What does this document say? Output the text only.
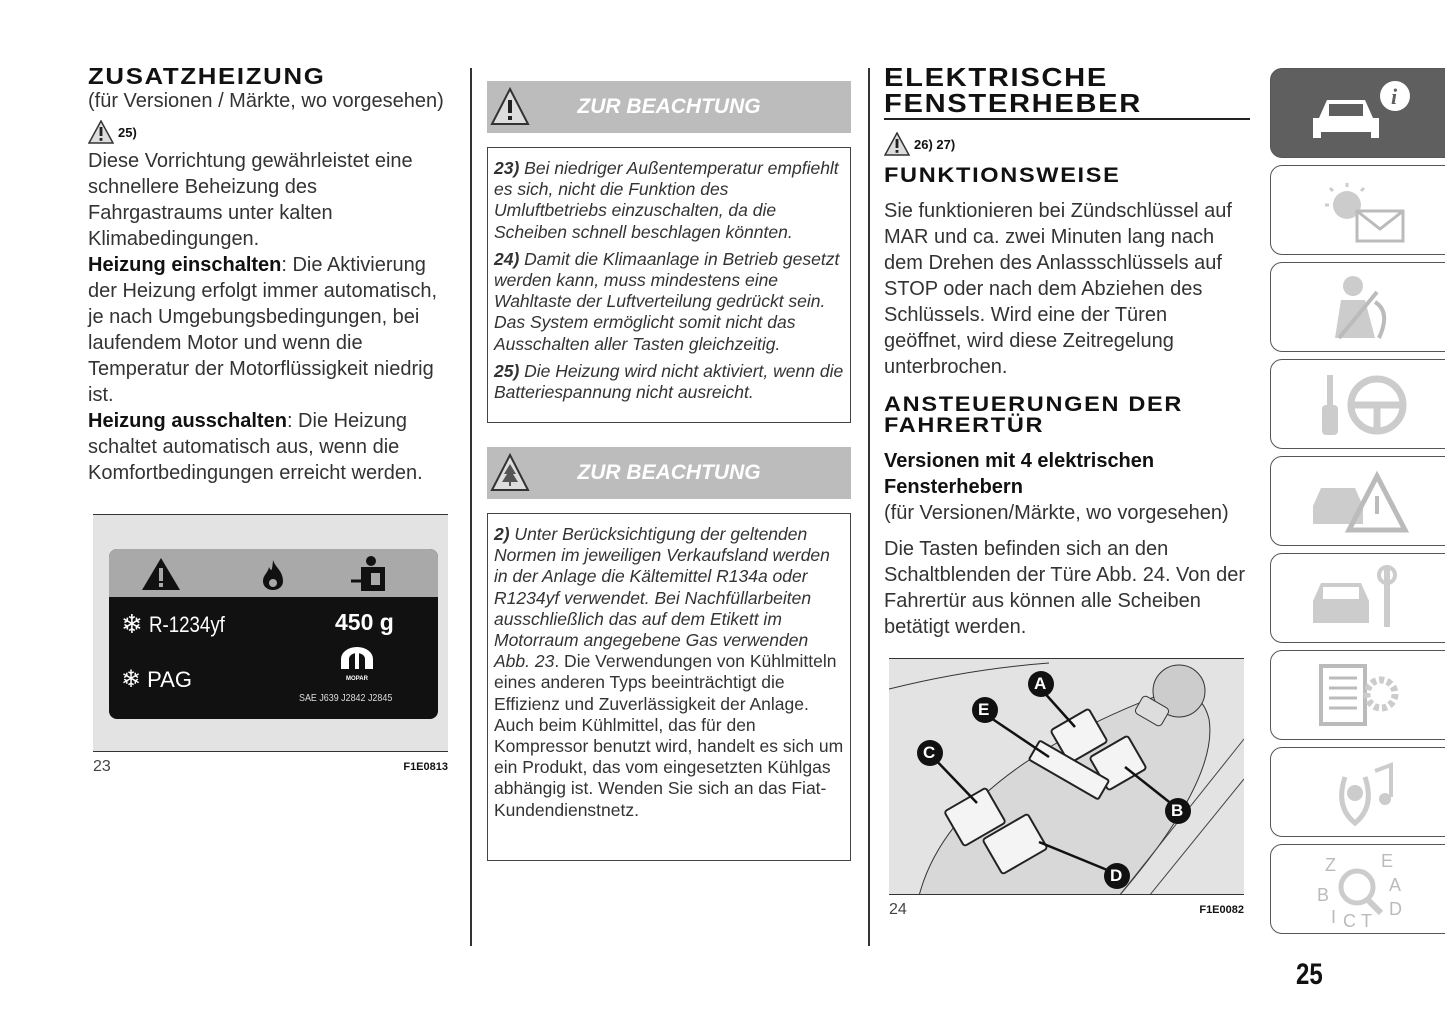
ZUSATZHEIZUNG
(für Versionen / Märkte, wo vorgesehen)
25)

Diese Vorrichtung gewährleistet eine schnellere Beheizung des Fahrgastraums unter kalten Klimabedingungen.

Heizung einschalten: Die Aktivierung der Heizung erfolgt immer automatisch, je nach Umgebungsbedingungen, bei laufendem Motor und wenn die Temperatur der Motorflüssigkeit niedrig ist.

Heizung ausschalten: Die Heizung schaltet automatisch aus, wenn die Komfortbedingungen erreicht werden.

❄ R-1234yf
❄ PAG
450 g
MOPAR
SAE J639 J2842 J2845
23	F1E0813
ZUR BEACHTUNG

23) Bei niedriger Außentemperatur empfiehlt es sich, nicht die Funktion des Umluftbetriebs einzuschalten, da die Scheiben schnell beschlagen könnten.

24) Damit die Klimaanlage in Betrieb gesetzt werden kann, muss mindestens eine Wahltaste der Luftverteilung gedrückt sein. Das System ermöglicht somit nicht das Ausschalten aller Tasten gleichzeitig.

25) Die Heizung wird nicht aktiviert, wenn die Batteriespannung nicht ausreicht.

ZUR BEACHTUNG

2) Unter Berücksichtigung der geltenden Normen im jeweiligen Verkaufsland werden in der Anlage die Kältemittel R134a oder R1234yf verwendet. Bei Nachfüllarbeiten ausschließlich das auf dem Etikett im Motorraum angegebene Gas verwenden Abb. 23. Die Verwendungen von Kühlmitteln eines anderen Typs beeinträchtigt die Effizienz und Zuverlässigkeit der Anlage. Auch beim Kühlmittel, das für den Kompressor benutzt wird, handelt es sich um ein Produkt, das vom eingesetzten Kühlgas abhängig ist. Wenden Sie sich an das Fiat-Kundendienstnetz.

ELEKTRISCHE FENSTERHEBER
26) 27)
FUNKTIONSWEISE

Sie funktionieren bei Zündschlüssel auf MAR und ca. zwei Minuten lang nach dem Drehen des Anlassschlüssels auf STOP oder nach dem Abziehen des Schlüssels. Wird eine der Türen geöffnet, wird diese Zeitregelung unterbrochen.

ANSTEUERUNGEN DER FAHRERTÜR
Versionen mit 4 elektrischen Fensterhebern
(für Versionen/Märkte, wo vorgesehen)

Die Tasten befinden sich an den Schaltblenden der Türe Abb. 24. Von der Fahrertür aus können alle Scheiben betätigt werden.

A
B
C
D
E
24	F1E0082
i
Z	E
A
B
I C T
D
25
